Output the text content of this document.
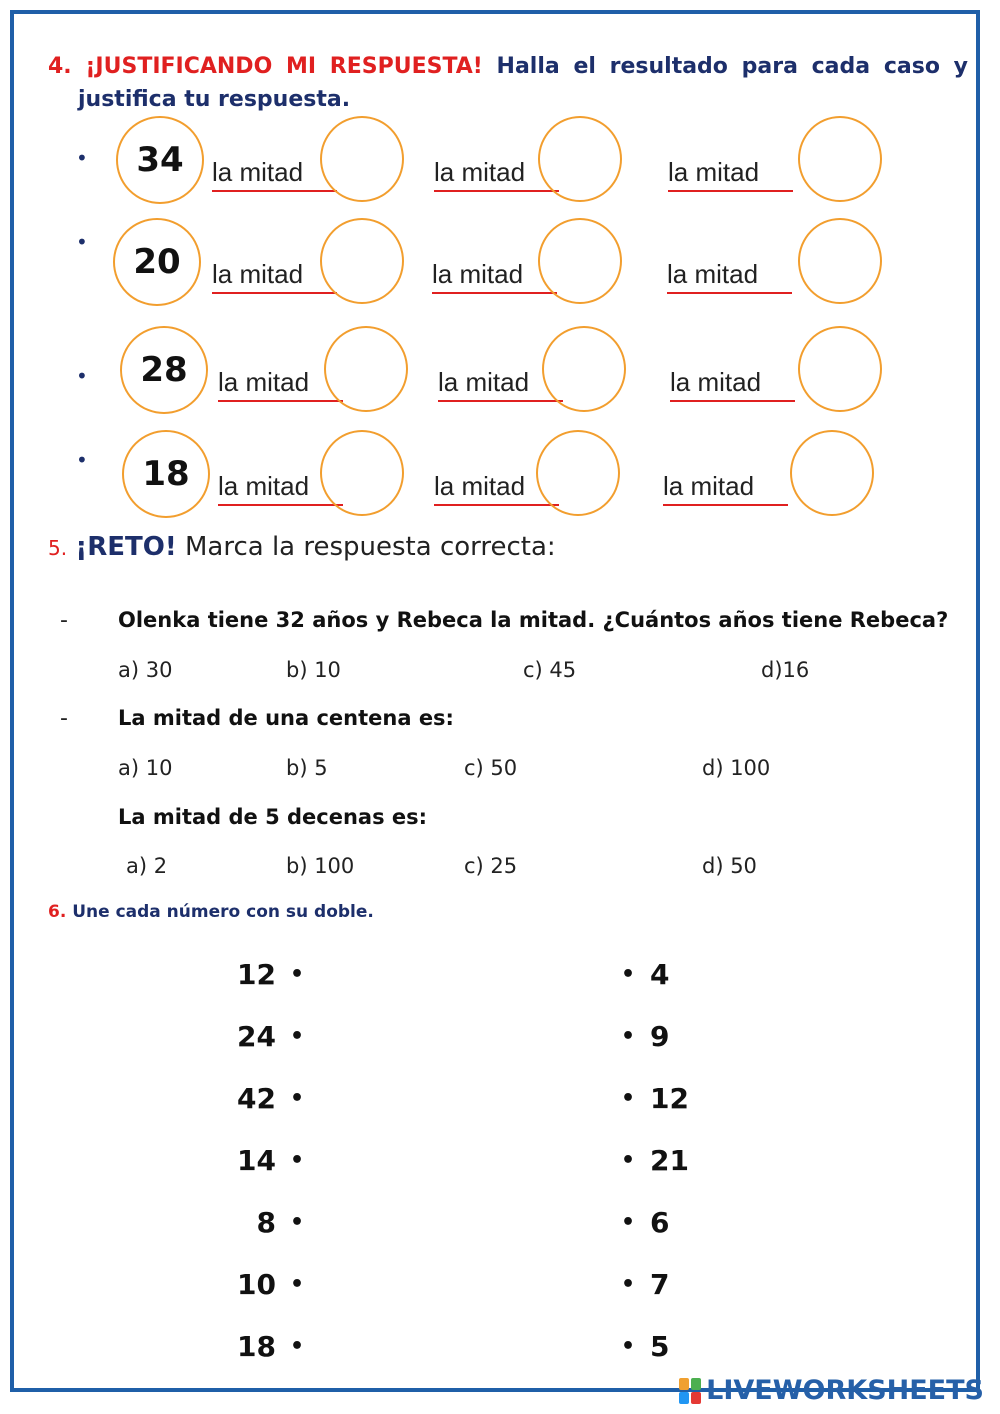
4. ¡JUSTIFICANDO MI RESPUESTA! Halla el resultado para cada caso y
justifica tu respuesta.
•	34	la mitad	la mitad	la mitad
•	20	la mitad	la mitad	la mitad
•	28	la mitad	la mitad	la mitad
•	18	la mitad	la mitad	la mitad
5. ¡RETO! Marca la respuesta correcta:
- Olenka tiene 32 años y Rebeca la mitad. ¿Cuántos años tiene Rebeca?
a) 30	b) 10	c) 45	d)16
- La mitad de una centena es:
a) 10	b) 5	c) 50	d) 100
La mitad de 5 decenas es:
a) 2	b) 100	c) 25	d) 50
6. Une cada número con su doble.
12 •	• 4
24 •	• 9
42 •	• 12
14 •	• 21
8 •	• 6
10 •	• 7
18 •	• 5
LIVEWORKSHEETS
